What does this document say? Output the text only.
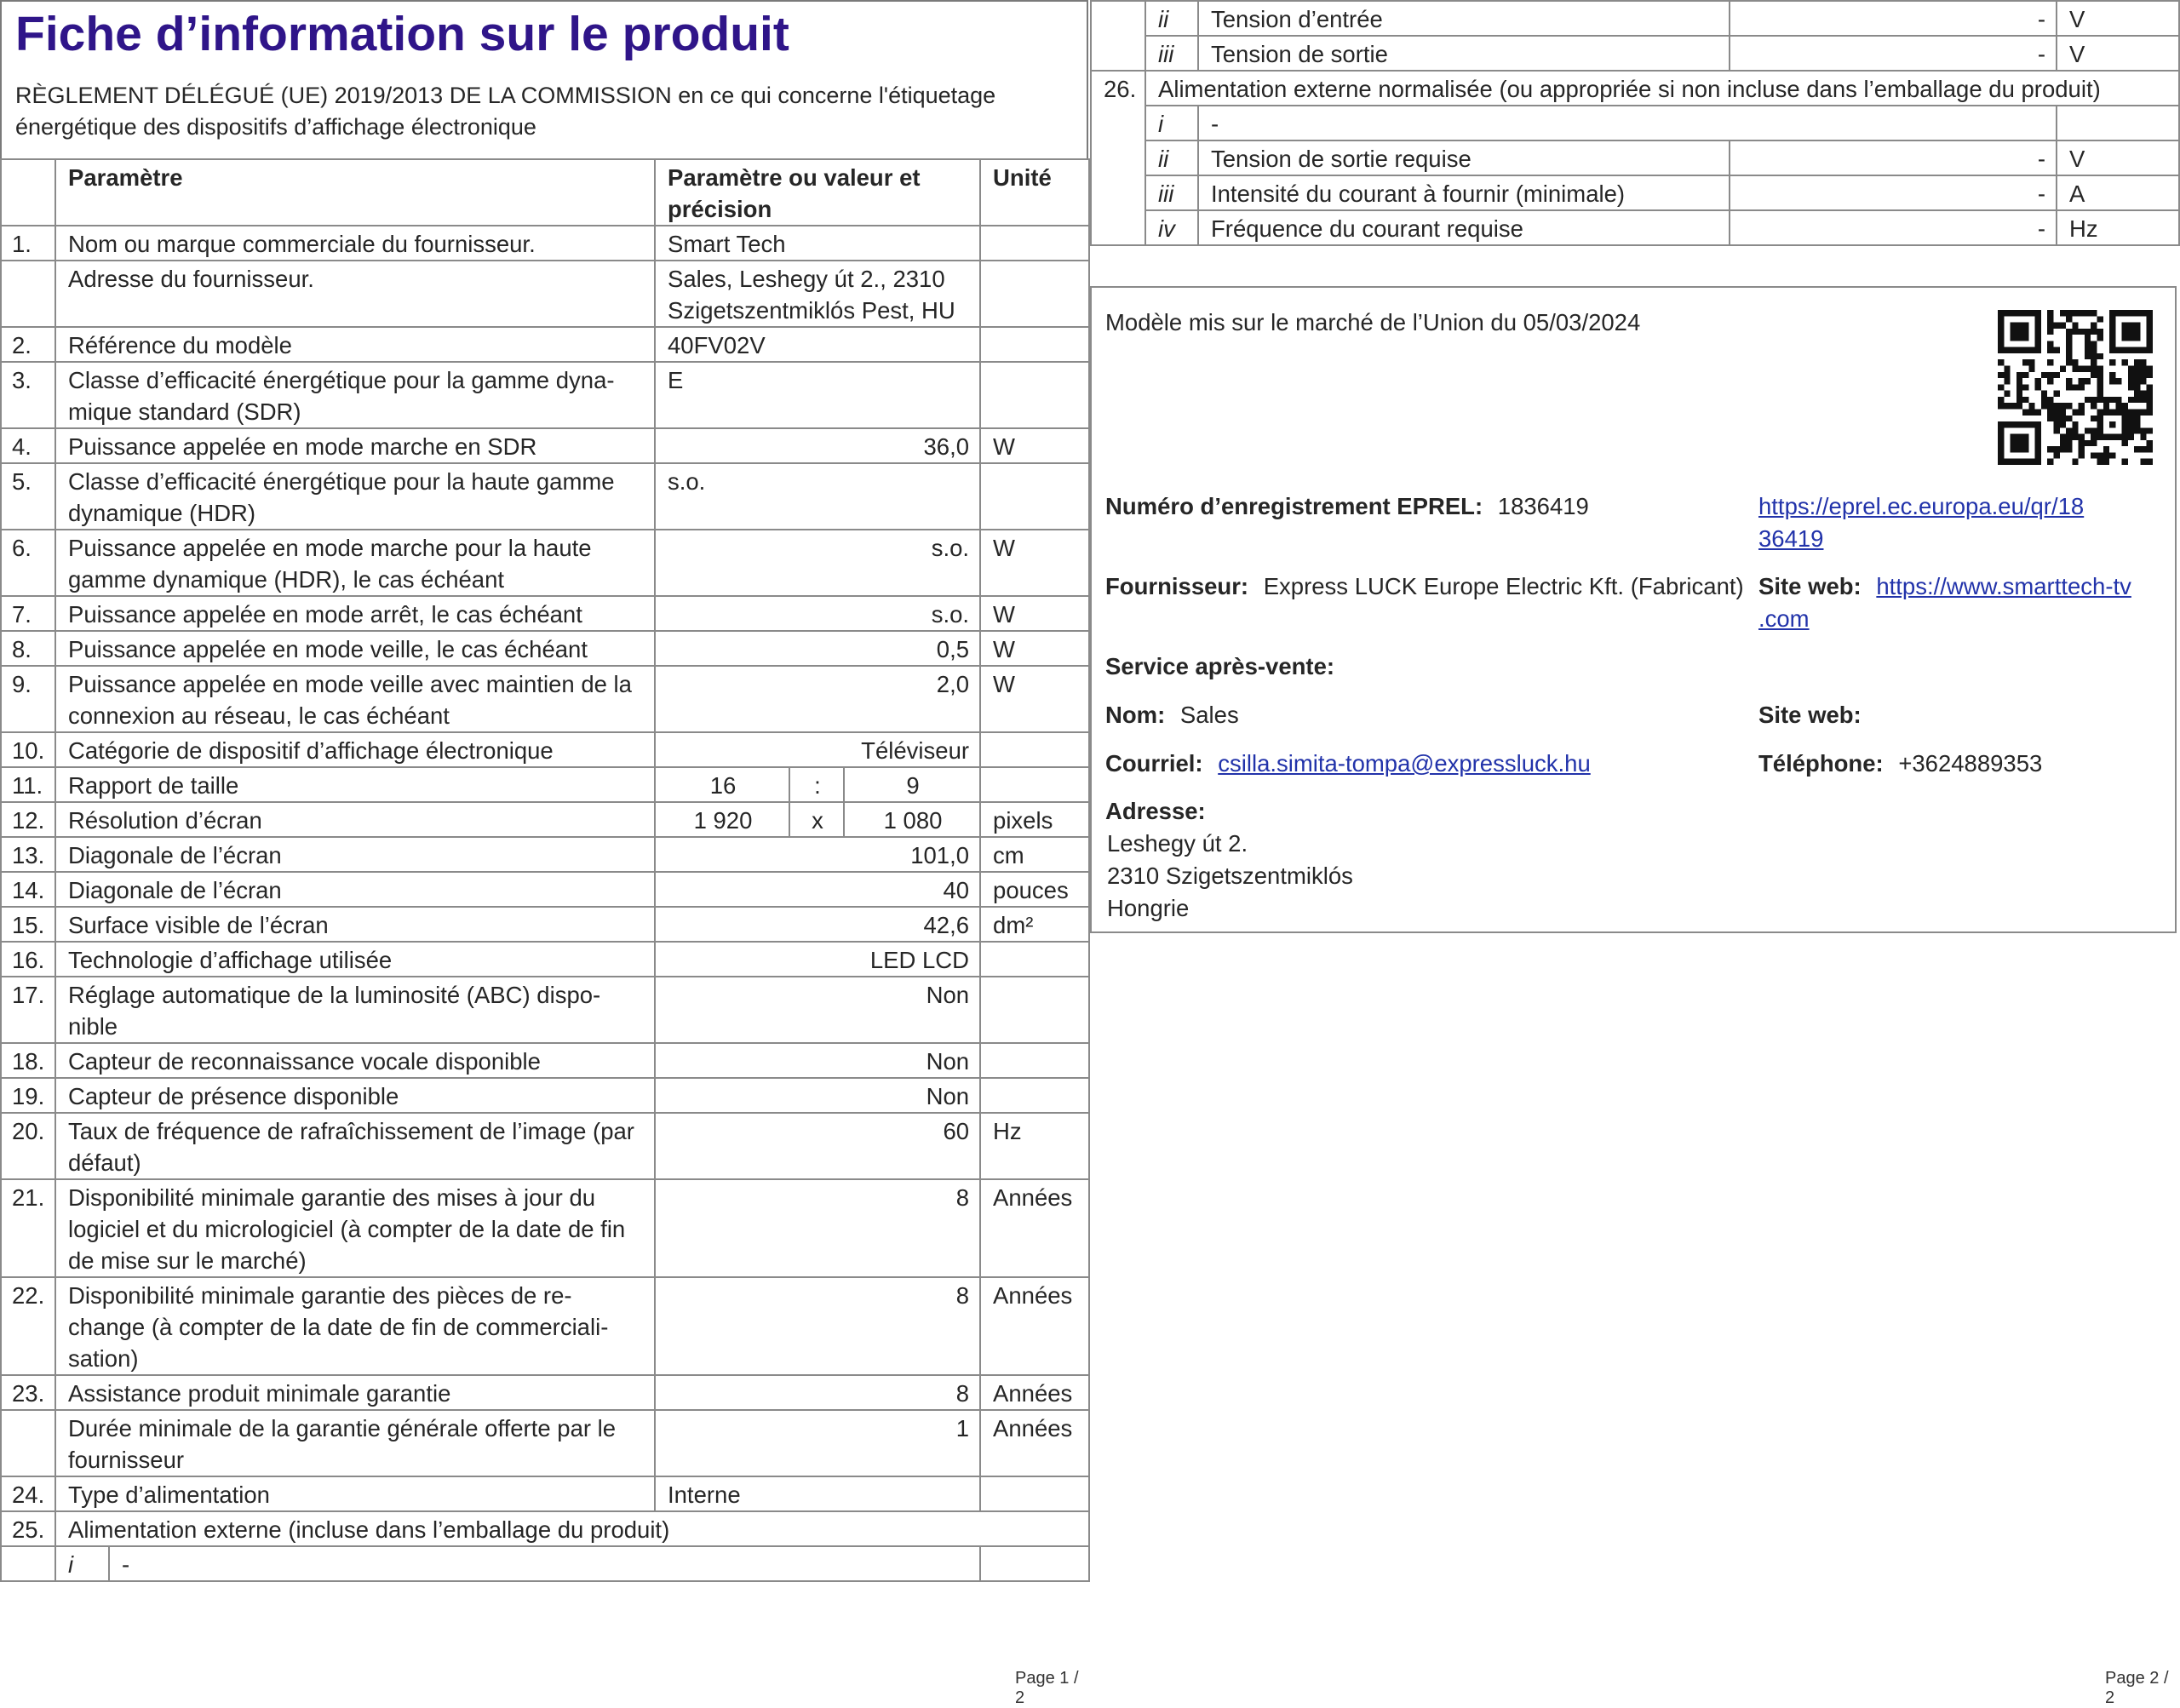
Fiche d’information sur le produit
RÈGLEMENT DÉLÉGUÉ (UE) 2019/2013 DE LA COMMISSION en ce qui concerne l'étiquetage énergétique des dispositifs d’affichage électronique
	Paramètre	Paramètre ou valeur et précision	Unité
1.	Nom ou marque commerciale du fournisseur.	Smart Tech	
	Adresse du fournisseur.	Sales, Leshegy út 2., 2310 Szigetszentmiklós Pest, HU	
2.	Référence du modèle	40FV02V	
3.	Classe d’efficacité énergétique pour la gamme dyna-mique standard (SDR)	E	
4.	Puissance appelée en mode marche en SDR	36,0	W
5.	Classe d’efficacité énergétique pour la haute gamme dynamique (HDR)	s.o.	
6.	Puissance appelée en mode marche pour la haute gamme dynamique (HDR), le cas échéant	s.o.	W
7.	Puissance appelée en mode arrêt, le cas échéant	s.o.	W
8.	Puissance appelée en mode veille, le cas échéant	0,5	W
9.	Puissance appelée en mode veille avec maintien de la connexion au réseau, le cas échéant	2,0	W
10.	Catégorie de dispositif d’affichage électronique	Téléviseur	
11.	Rapport de taille	16	:	9	
12.	Résolution d’écran	1 920	x	1 080	pixels
13.	Diagonale de l’écran	101,0	cm
14.	Diagonale de l’écran	40	pouces
15.	Surface visible de l’écran	42,6	dm²
16.	Technologie d’affichage utilisée	LED LCD	
17.	Réglage automatique de la luminosité (ABC) dispo-nible	Non	
18.	Capteur de reconnaissance vocale disponible	Non	
19.	Capteur de présence disponible	Non	
20.	Taux de fréquence de rafraîchissement de l’image (par défaut)	60	Hz
21.	Disponibilité minimale garantie des mises à jour du logiciel et du micrologiciel (à compter de la date de fin de mise sur le marché)	8	Années
22.	Disponibilité minimale garantie des pièces de re-change (à compter de la date de fin de commerciali-sation)	8	Années
23.	Assistance produit minimale garantie	8	Années
	Durée minimale de la garantie générale offerte par le fournisseur	1	Années
24.	Type d’alimentation	Interne	
25.	Alimentation externe (incluse dans l’emballage du produit)

i	-

Page 1 / 2
	ii	Tension d’entrée	-	V
	iii	Tension de sortie	-	V
26.	Alimentation externe normalisée (ou appropriée si non incluse dans l’emballage du produit)			
	i	-		
	ii	Tension de sortie requise	-	V
	iii	Intensité du courant à fournir (minimale)	-	A
	iv	Fréquence du courant requise	-	Hz
Modèle mis sur le marché de l’Union du 05/03/2024
Numéro d’enregistrement EPREL: 1836419	https://eprel.ec.europa.eu/qr/18
36419
Fournisseur: Express LUCK Europe Electric Kft. (Fabricant) Site web: https://www.smarttech-tv
.com
Service après-vente:
Nom: Sales	Site web:
Courriel: csilla.simita-tompa@expressluck.hu	Téléphone: +3624889353
Adresse:
Leshegy út 2.
2310 Szigetszentmiklós
Hongrie
Page 2 / 2
